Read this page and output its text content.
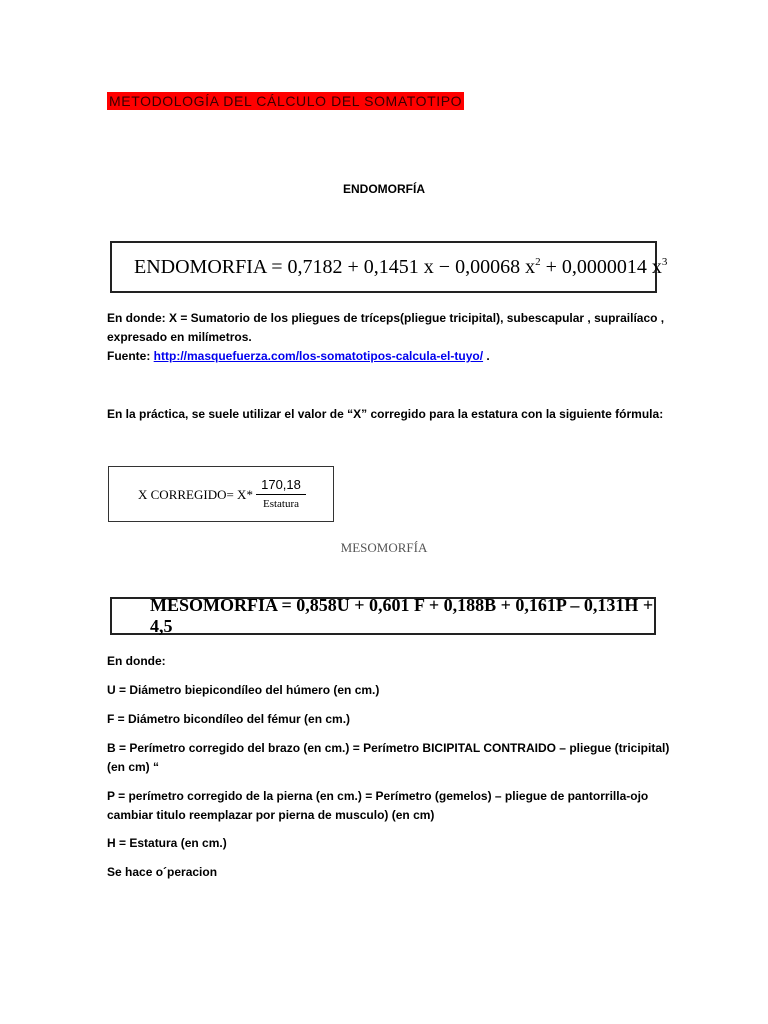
METODOLOGÍA DEL CÁLCULO DEL SOMATOTIPO
ENDOMORFÍA
ENDOMORFIA = 0,7182 + 0,1451 x − 0,00068 $x^2 + 0,0000014$ $x^3$
En donde: X = Sumatorio de los pliegues de tríceps(pliegue tricipital), subescapular , suprailíaco ,
expresado en milímetros.
Fuente: http://masquefuerza.com/los-somatotipos-calcula-el-tuyo/ .
En la práctica, se suele utilizar el valor de “X” corregido para la estatura con la siguiente fórmula:
X CORREGIDO= X*
170,18
Estatura
MESOMORFÍA
MESOMORFIA = 0,858U + 0,601 F + 0,188B + 0,161P – 0,131H + 4,5
En donde:
U = Diámetro biepicondíleo del húmero (en cm.)
F = Diámetro bicondíleo del fémur (en cm.)
B = Perímetro corregido del brazo (en cm.) = Perímetro BICIPITAL CONTRAIDO – pliegue (tricipital)
(en cm) “
P = perímetro corregido de la pierna (en cm.) = Perímetro (gemelos) – pliegue de pantorrilla-ojo
cambiar titulo reemplazar por pierna de musculo) (en cm)
H = Estatura (en cm.)
Se hace o´peracion
